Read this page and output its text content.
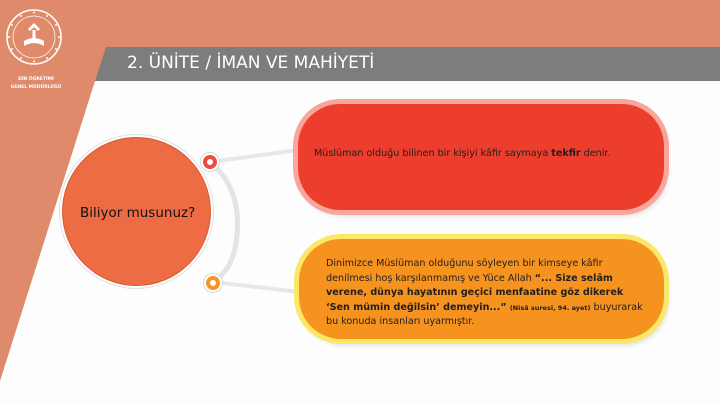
2. ÜNİTE / İMAN VE MAHİYETİ
DİN ÖĞRETİMİ
GENEL MÜDÜRLÜĞÜ
Biliyor musunuz?
Müslüman olduğu bilinen bir kişiyi kâfir saymaya tekfir denir.
Dinimizce Müslüman olduğunu söyleyen bir kimseye kâfir denilmesi hoş karşılanmamış ve Yüce Allah “... Size selâm verene, dünya hayatının geçici menfaatine göz dikerek ‘Sen mümin değilsin’ demeyin...” (Nisâ suresi, 94. ayet) buyurarak bu konuda insanları uyarmıştır.
